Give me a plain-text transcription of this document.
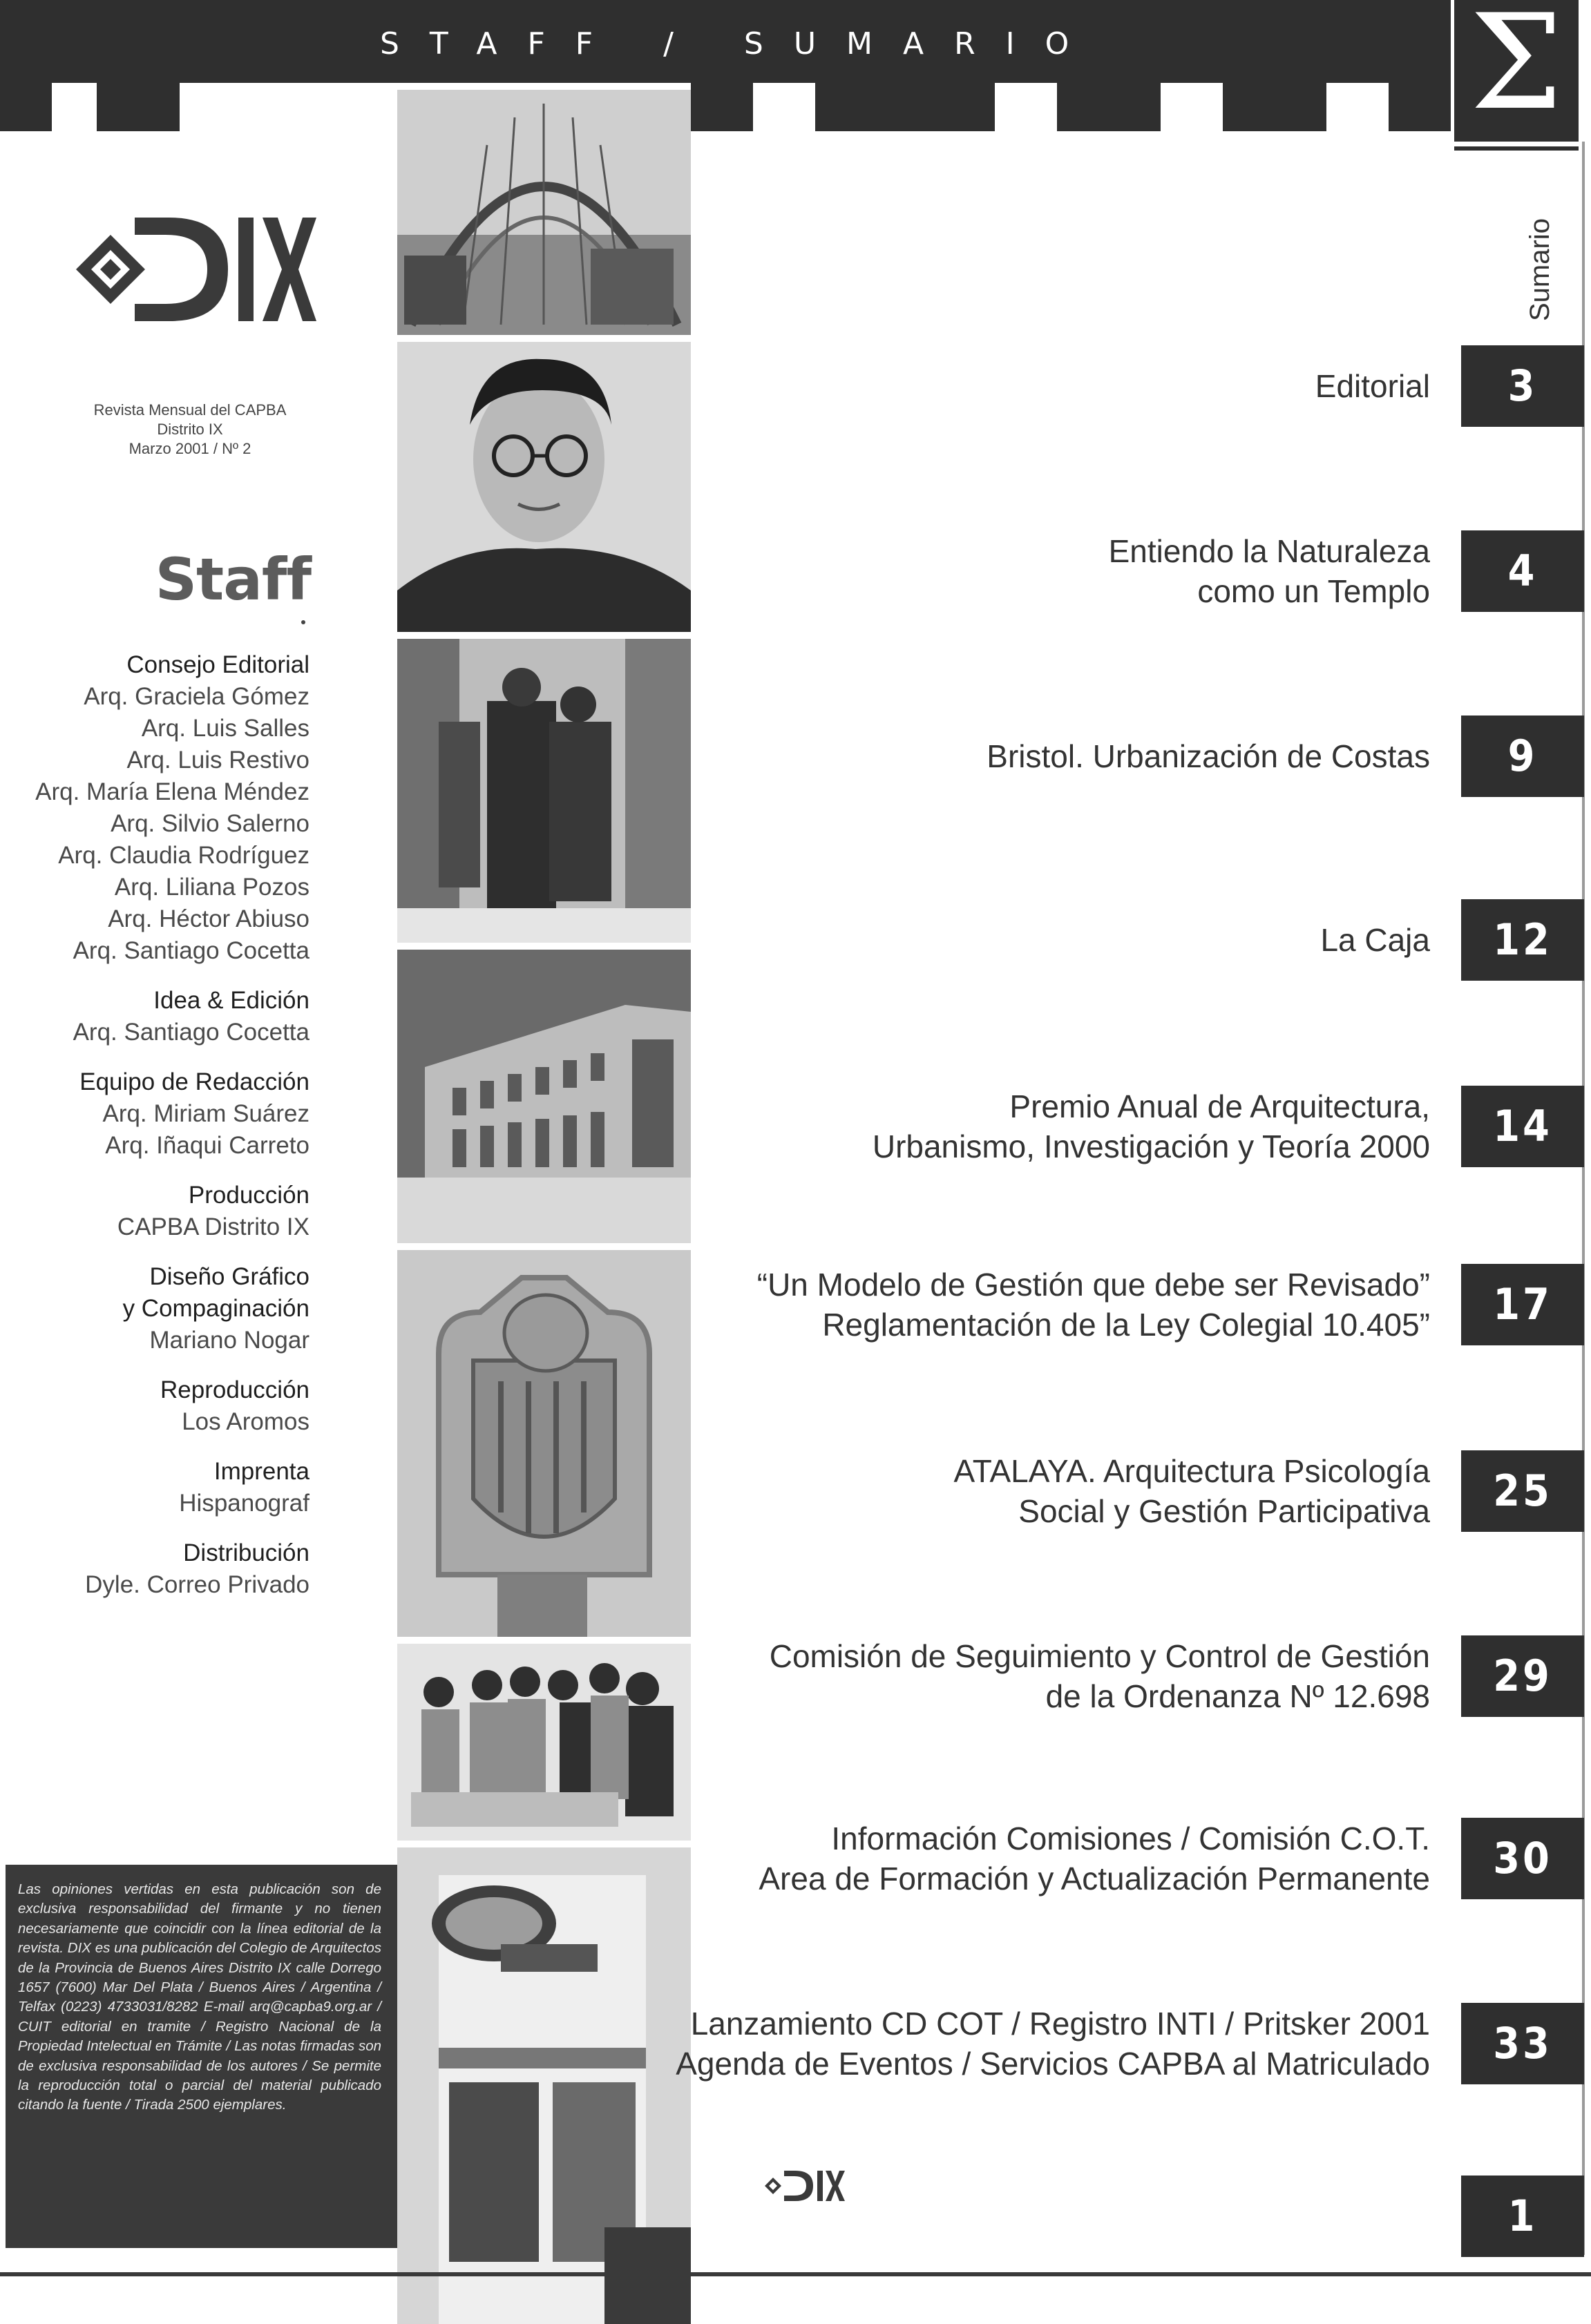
STAFF / SUMARIO	Σ
Sumario
Revista Mensual del CAPBA
Distrito IX
Marzo 2001 / Nº 2
Staff
Consejo Editorial
Arq. Graciela Gómez
Arq. Luis Salles
Arq. Luis Restivo
Arq. María Elena Méndez
Arq. Silvio Salerno
Arq. Claudia Rodríguez
Arq. Liliana Pozos
Arq. Héctor Abiuso
Arq. Santiago Cocetta
Idea & Edición
Arq. Santiago Cocetta
Equipo de Redacción
Arq. Miriam Suárez
Arq. Iñaqui Carreto
Producción
CAPBA Distrito IX
Diseño Gráfico
y Compaginación
Mariano Nogar
Reproducción
Los Aromos
Imprenta
Hispanograf
Distribución
Dyle. Correo Privado

Las opiniones vertidas en esta publicación son de exclusiva responsabilidad del firmante y no tienen necesariamente que coincidir con la línea editorial de la revista. DIX es una publicación del Colegio de Arquitectos de la Provincia de Buenos Aires Distrito IX calle Dorrego 1657 (7600) Mar Del Plata / Buenos Aires / Argentina / Telfax (0223) 4733031/8282 E-mail arq@capba9.org.ar / CUIT editorial en tramite / Registro Nacional de la Propiedad Intelectual en Trámite / Las notas firmadas son de exclusiva responsabilidad de los autores / Se permite la reproducción total o parcial del material publicado citando la fuente / Tirada 2500 ejemplares.

Editorial	3
Entiendo la Naturaleza
como un Templo	4
Bristol. Urbanización de Costas	9
La Caja	12
Premio Anual de Arquitectura,
Urbanismo, Investigación y Teoría 2000	14
“Un Modelo de Gestión que debe ser Revisado”
Reglamentación de la Ley Colegial 10.405”	17
ATALAYA. Arquitectura Psicología
Social y Gestión Participativa	25
Comisión de Seguimiento y Control de Gestión
de la Ordenanza Nº 12.698	29
Información Comisiones / Comisión C.O.T.
Area de Formación y Actualización Permanente	30
Lanzamiento CD COT / Registro INTI / Pritsker 2001
Agenda de Eventos / Servicios CAPBA al Matriculado	33
1
